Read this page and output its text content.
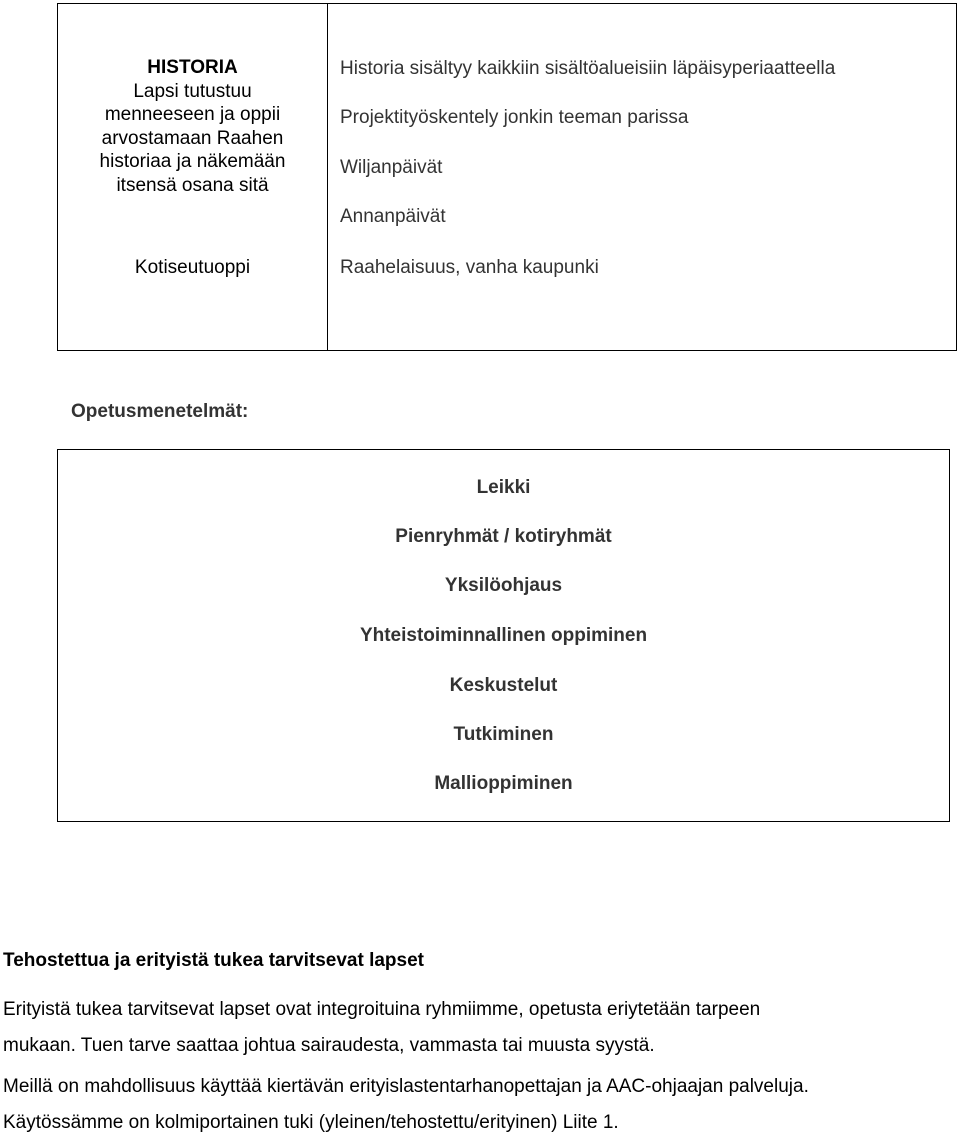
HISTORIA
Lapsi tutustuu menneeseen ja oppii arvostamaan Raahen historiaa ja näkemään itsensä osana sitä
Kotiseutuoppi
Historia sisältyy kaikkiin sisältöalueisiin läpäisyperiaatteella
Projektityöskentely jonkin teeman parissa
Wiljanpäivät
Annanpäivät
Raahelaisuus, vanha kaupunki
Opetusmenetelmät:
Leikki
Pienryhmät / kotiryhmät
Yksilöohjaus
Yhteistoiminnallinen oppiminen
Keskustelut
Tutkiminen
Mallioppiminen
Tehostettua ja erityistä tukea tarvitsevat lapset
Erityistä tukea tarvitsevat lapset ovat integroituina ryhmiimme, opetusta eriytetään tarpeen
mukaan. Tuen tarve saattaa johtua sairaudesta, vammasta tai muusta syystä.
Meillä on mahdollisuus käyttää kiertävän erityislastentarhanopettajan ja AAC-ohjaajan palveluja.
Käytössämme on kolmiportainen tuki (yleinen/tehostettu/erityinen) Liite 1.
